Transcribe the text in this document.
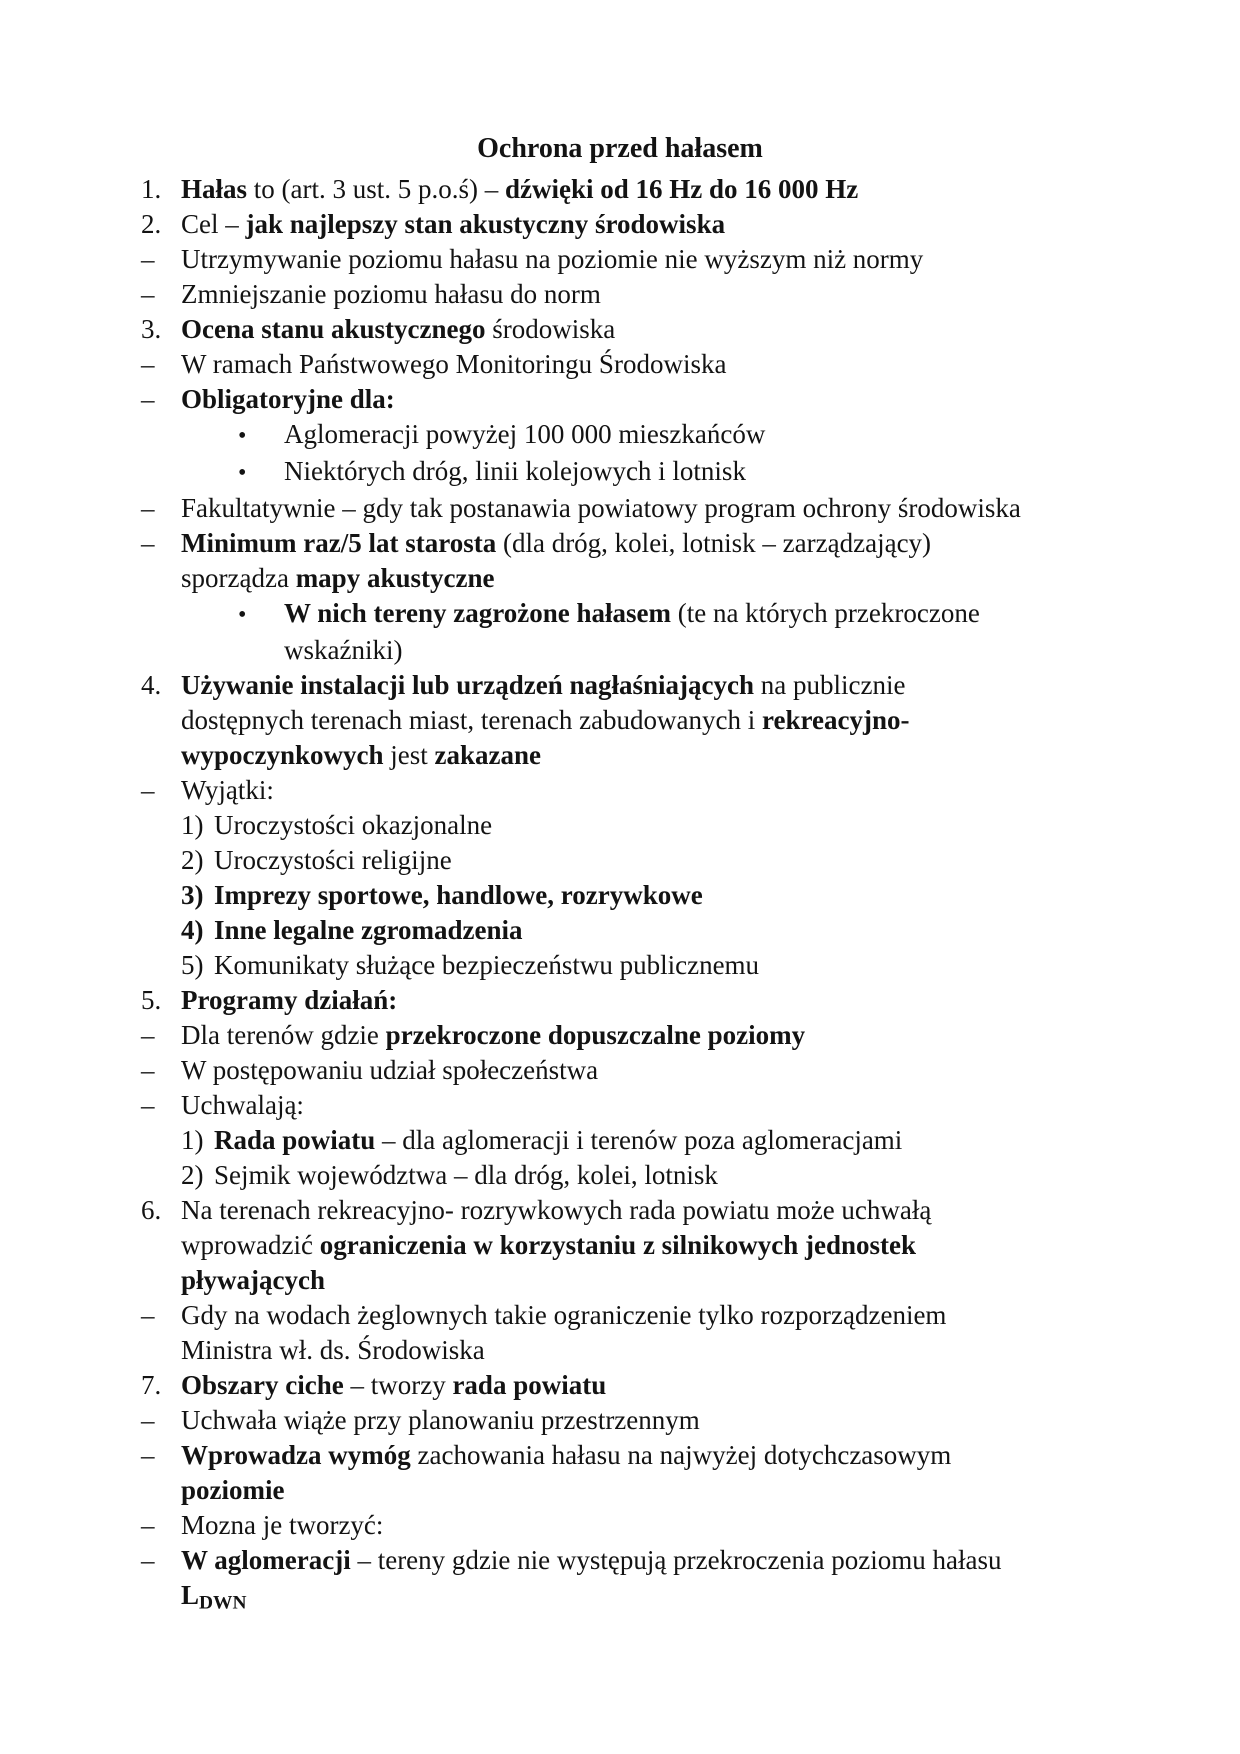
Ochrona przed hałasem
1. Hałas to (art. 3 ust. 5 p.o.ś) – dźwięki od 16 Hz do 16 000 Hz
2. Cel – jak najlepszy stan akustyczny środowiska
– Utrzymywanie poziomu hałasu na poziomie nie wyższym niż normy
– Zmniejszanie poziomu hałasu do norm
3. Ocena stanu akustycznego środowiska
– W ramach Państwowego Monitoringu Środowiska
– Obligatoryjne dla:
• Aglomeracji powyżej 100 000 mieszkańców
• Niektórych dróg, linii kolejowych i lotnisk
– Fakultatywnie – gdy tak postanawia powiatowy program ochrony środowiska
– Minimum raz/5 lat starosta (dla dróg, kolei, lotnisk – zarządzający)
sporządza mapy akustyczne
• W nich tereny zagrożone hałasem (te na których przekroczone
wskaźniki)
4. Używanie instalacji lub urządzeń nagłaśniających na publicznie
dostępnych terenach miast, terenach zabudowanych i rekreacyjno-
wypoczynkowych jest zakazane
– Wyjątki:
1) Uroczystości okazjonalne
2) Uroczystości religijne
3) Imprezy sportowe, handlowe, rozrywkowe
4) Inne legalne zgromadzenia
5) Komunikaty służące bezpieczeństwu publicznemu
5. Programy działań:
– Dla terenów gdzie przekroczone dopuszczalne poziomy
– W postępowaniu udział społeczeństwa
– Uchwalają:
1) Rada powiatu – dla aglomeracji i terenów poza aglomeracjami
2) Sejmik województwa – dla dróg, kolei, lotnisk
6. Na terenach rekreacyjno- rozrywkowych rada powiatu może uchwałą
wprowadzić ograniczenia w korzystaniu z silnikowych jednostek
pływających
– Gdy na wodach żeglownych takie ograniczenie tylko rozporządzeniem
Ministra wł. ds. Środowiska
7. Obszary ciche – tworzy rada powiatu
– Uchwała wiąże przy planowaniu przestrzennym
– Wprowadza wymóg zachowania hałasu na najwyżej dotychczasowym
poziomie
– Mozna je tworzyć:
– W aglomeracji – tereny gdzie nie występują przekroczenia poziomu hałasu
$L_{DWN}$
